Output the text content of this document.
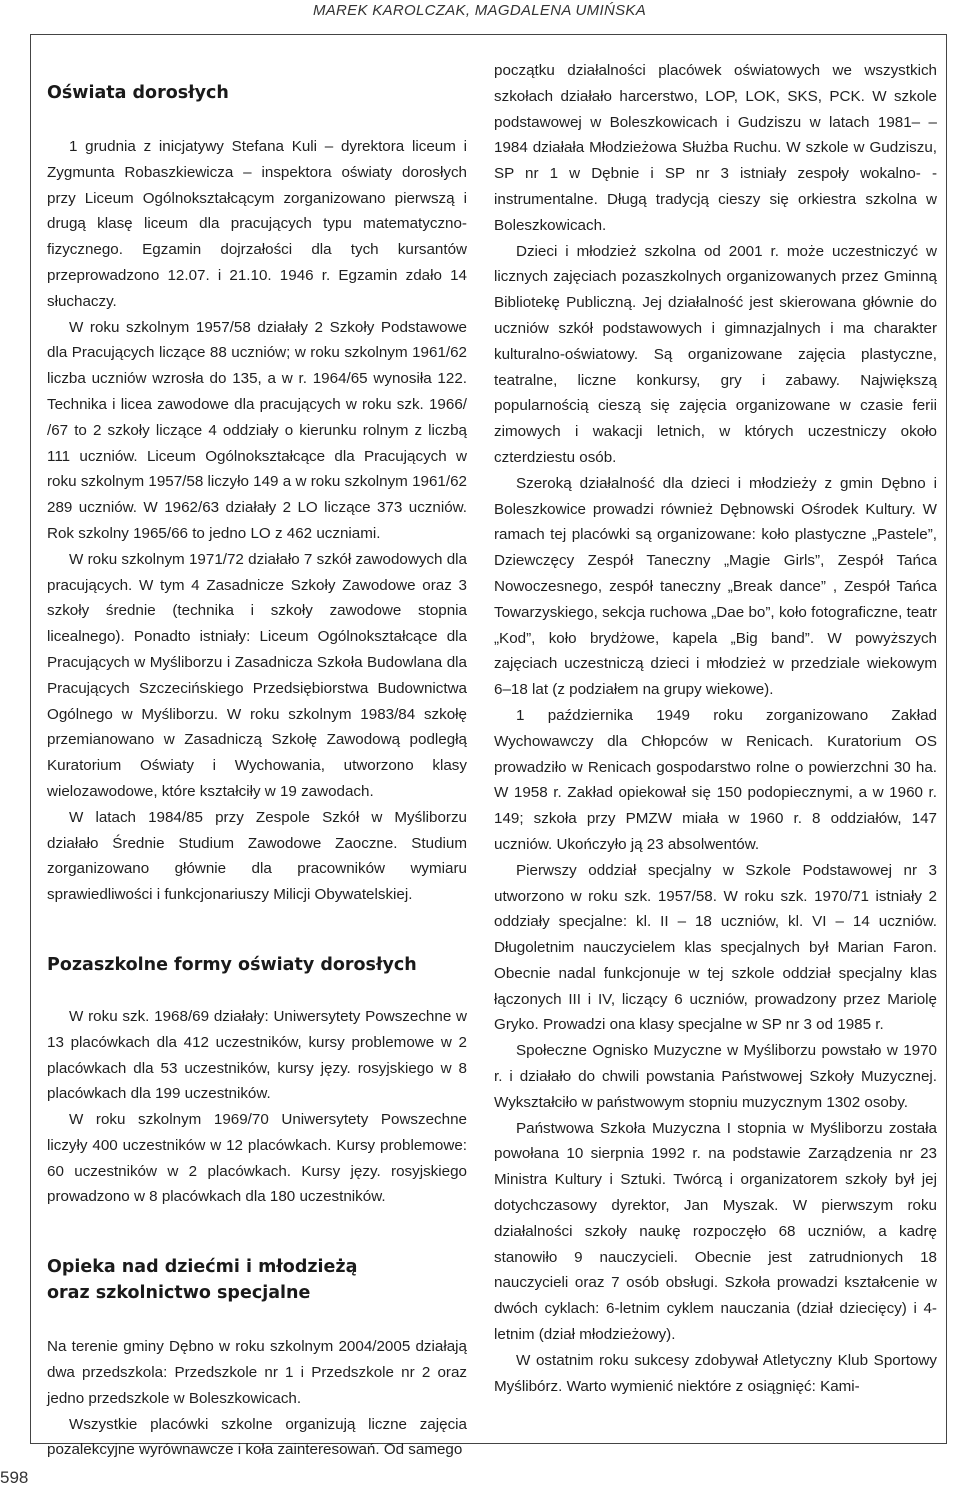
MAREK KAROLCZAK, MAGDALENA UMIŃSKA
Oświata dorosłych

1 grudnia z inicjatywy Stefana Kuli – dyrektora liceum i Zygmunta Robaszkiewicza – inspektora oświaty dorosłych przy Liceum Ogólnokształcącym zorganizowano pierwszą i drugą klasę liceum dla pracujących typu matematyczno-fizycznego. Egzamin dojrzałości dla tych kursantów przeprowadzono 12.07. i 21.10. 1946 r. Egzamin zdało 14 słuchaczy.

W roku szkolnym 1957/58 działały 2 Szkoły Podstawowe dla Pracujących liczące 88 uczniów; w roku szkolnym 1961/62 liczba uczniów wzrosła do 135, a w r. 1964/65 wynosiła 122. Technika i licea zawodowe dla pracujących w roku szk. 1966/ /67 to 2 szkoły liczące 4 oddziały o kierunku rolnym z liczbą 111 uczniów. Liceum Ogólnokształcące dla Pracujących w roku szkolnym 1957/58 liczyło 149 a w roku szkolnym 1961/62 289 uczniów. W 1962/63 działały 2 LO liczące 373 uczniów. Rok szkolny 1965/66 to jedno LO z 462 uczniami.

W roku szkolnym 1971/72 działało 7 szkół zawodowych dla pracujących. W tym 4 Zasadnicze Szkoły Zawodowe oraz 3 szkoły średnie (technika i szkoły zawodowe stopnia licealnego). Ponadto istniały: Liceum Ogólnokształcące dla Pracujących w Myśliborzu i Zasadnicza Szkoła Budowlana dla Pracujących Szczecińskiego Przedsiębiorstwa Budownictwa Ogólnego w Myśliborzu. W roku szkolnym 1983/84 szkołę przemianowano w Zasadniczą Szkołę Zawodową podległą Kuratorium Oświaty i Wychowania, utworzono klasy wielozawodowe, które kształciły w 19 zawodach.

W latach 1984/85 przy Zespole Szkół w Myśliborzu działało Średnie Studium Zawodowe Zaoczne. Studium zorganizowano głównie dla pracowników wymiaru sprawiedliwości i funkcjonariuszy Milicji Obywatelskiej.

Pozaszkolne formy oświaty dorosłych

W roku szk. 1968/69 działały: Uniwersytety Powszechne w 13 placówkach dla 412 uczestników, kursy problemowe w 2 placówkach dla 53 uczestników, kursy języ. rosyjskiego w 8 placówkach dla 199 uczestników.

W roku szkolnym 1969/70 Uniwersytety Powszechne liczyły 400 uczestników w 12 placówkach. Kursy problemowe: 60 uczestników w 2 placówkach. Kursy języ. rosyjskiego prowadzono w 8 placówkach dla 180 uczestników.

Opieka nad dziećmi i młodzieżą
oraz szkolnictwo specjalne

Na terenie gminy Dębno w roku szkolnym 2004/2005 działają dwa przedszkola: Przedszkole nr 1 i Przedszkole nr 2 oraz jedno przedszkole w Boleszkowicach.

Wszystkie placówki szkolne organizują liczne zajęcia pozalekcyjne wyrównawcze i koła zainteresowań. Od samego

początku działalności placówek oświatowych we wszystkich szkołach działało harcerstwo, LOP, LOK, SKS, PCK. W szkole podstawowej w Boleszkowicach i Gudziszu w latach 1981– –1984 działała Młodzieżowa Służba Ruchu. W szkole w Gudziszu, SP nr 1 w Dębnie i SP nr 3 istniały zespoły wokalno- -instrumentalne. Długą tradycją cieszy się orkiestra szkolna w Boleszkowicach.

Dzieci i młodzież szkolna od 2001 r. może uczestniczyć w licznych zajęciach pozaszkolnych organizowanych przez Gminną Bibliotekę Publiczną. Jej działalność jest skierowana głównie do uczniów szkół podstawowych i gimnazjalnych i ma charakter kulturalno-oświatowy. Są organizowane zajęcia plastyczne, teatralne, liczne konkursy, gry i zabawy. Największą popularnością cieszą się zajęcia organizowane w czasie ferii zimowych i wakacji letnich, w których uczestniczy około czterdziestu osób.

Szeroką działalność dla dzieci i młodzieży z gmin Dębno i Boleszkowice prowadzi również Dębnowski Ośrodek Kultury. W ramach tej placówki są organizowane: koło plastyczne „Pastele”, Dziewczęcy Zespół Taneczny „Magie Girls”, Zespół Tańca Nowoczesnego, zespół taneczny „Break dance” , Zespół Tańca Towarzyskiego, sekcja ruchowa „Dae bo”, koło fotograficzne, teatr „Kod”, koło brydżowe, kapela „Big band”. W powyższych zajęciach uczestniczą dzieci i młodzież w przedziale wiekowym 6–18 lat (z podziałem na grupy wiekowe).

1 października 1949 roku zorganizowano Zakład Wychowawczy dla Chłopców w Renicach. Kuratorium OS prowadziło w Renicach gospodarstwo rolne o powierzchni 30 ha. W 1958 r. Zakład opiekował się 150 podopiecznymi, a w 1960 r. 149; szkoła przy PMZW miała w 1960 r. 8 oddziałów, 147 uczniów. Ukończyło ją 23 absolwentów.

Pierwszy oddział specjalny w Szkole Podstawowej nr 3 utworzono w roku szk. 1957/58. W roku szk. 1970/71 istniały 2 oddziały specjalne: kl. II – 18 uczniów, kl. VI – 14 uczniów. Długoletnim nauczycielem klas specjalnych był Marian Faron. Obecnie nadal funkcjonuje w tej szkole oddział specjalny klas łączonych III i IV, liczący 6 uczniów, prowadzony przez Mariolę Gryko. Prowadzi ona klasy specjalne w SP nr 3 od 1985 r.

Społeczne Ognisko Muzyczne w Myśliborzu powstało w 1970 r. i działało do chwili powstania Państwowej Szkoły Muzycznej. Wykształciło w państwowym stopniu muzycznym 1302 osoby.

Państwowa Szkoła Muzyczna I stopnia w Myśliborzu została powołana 10 sierpnia 1992 r. na podstawie Zarządzenia nr 23 Ministra Kultury i Sztuki. Twórcą i organizatorem szkoły był jej dotychczasowy dyrektor, Jan Myszak. W pierwszym roku działalności szkoły naukę rozpoczęło 68 uczniów, a kadrę stanowiło 9 nauczycieli. Obecnie jest zatrudnionych 18 nauczycieli oraz 7 osób obsługi. Szkoła prowadzi kształcenie w dwóch cyklach: 6-letnim cyklem nauczania (dział dziecięcy) i 4-letnim (dział młodzieżowy).

W ostatnim roku sukcesy zdobywał Atletyczny Klub Sportowy Myślibórz. Warto wymienić niektóre z osiągnięć: Kami-

598
